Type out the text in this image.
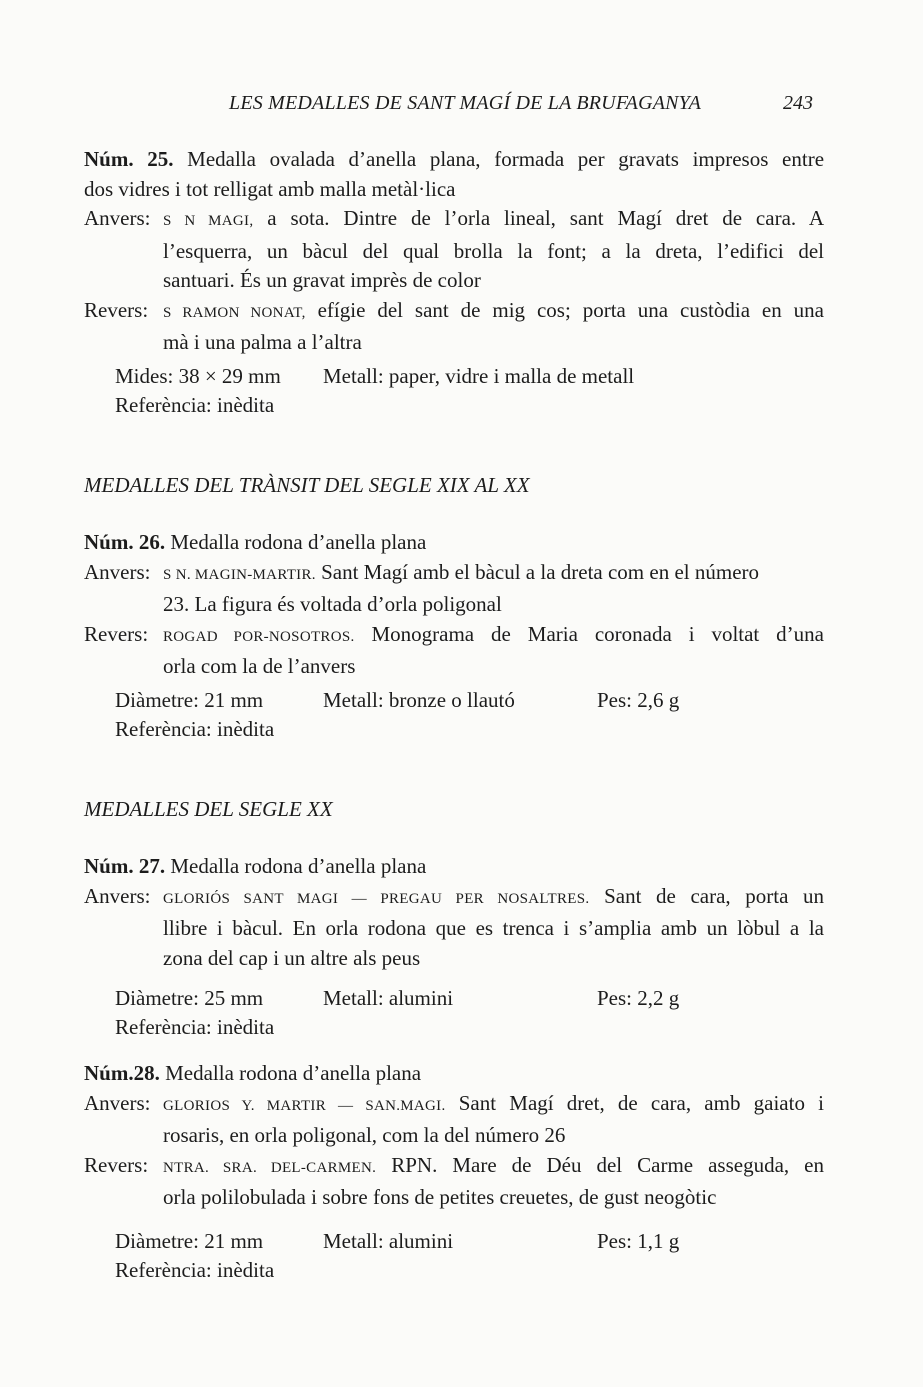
LES MEDALLES DE SANT MAGÍ DE LA BRUFAGANYA	243
Núm. 25. Medalla ovalada d’anella plana, formada per gravats impresos entre
dos vidres i tot relligat amb malla metàl·lica
Anvers: S N MAGI, a sota. Dintre de l’orla lineal, sant Magí dret de cara. A
l’esquerra, un bàcul del qual brolla la font; a la dreta, l’edifici del
santuari. És un gravat imprès de color
Revers: S RAMON NONAT, efígie del sant de mig cos; porta una custòdia en una
mà i una palma a l’altra
Mides: 38 × 29 mm Metall: paper, vidre i malla de metall
Referència: inèdita
MEDALLES DEL TRÀNSIT DEL SEGLE XIX AL XX
Núm. 26. Medalla rodona d’anella plana
Anvers: S N. MAGIN-MARTIR. Sant Magí amb el bàcul a la dreta com en el número
23. La figura és voltada d’orla poligonal
Revers: ROGAD POR-NOSOTROS. Monograma de Maria coronada i voltat d’una
orla com la de l’anvers
Diàmetre: 21 mm	Metall: bronze o llautó	Pes: 2,6 g
Referència: inèdita
MEDALLES DEL SEGLE XX
Núm. 27. Medalla rodona d’anella plana
Anvers: GLORIÓS SANT MAGI — PREGAU PER NOSALTRES. Sant de cara, porta un
llibre i bàcul. En orla rodona que es trenca i s’amplia amb un lòbul a la
zona del cap i un altre als peus
Diàmetre: 25 mm	Metall: alumini	Pes: 2,2 g
Referència: inèdita
Núm.28. Medalla rodona d’anella plana
Anvers: GLORIOS Y. MARTIR — SAN.MAGI. Sant Magí dret, de cara, amb gaiato i
rosaris, en orla poligonal, com la del número 26
Revers: NTRA. SRA. DEL-CARMEN. RPN. Mare de Déu del Carme asseguda, en
orla polilobulada i sobre fons de petites creuetes, de gust neogòtic
Diàmetre: 21 mm	Metall: alumini	Pes: 1,1 g
Referència: inèdita
